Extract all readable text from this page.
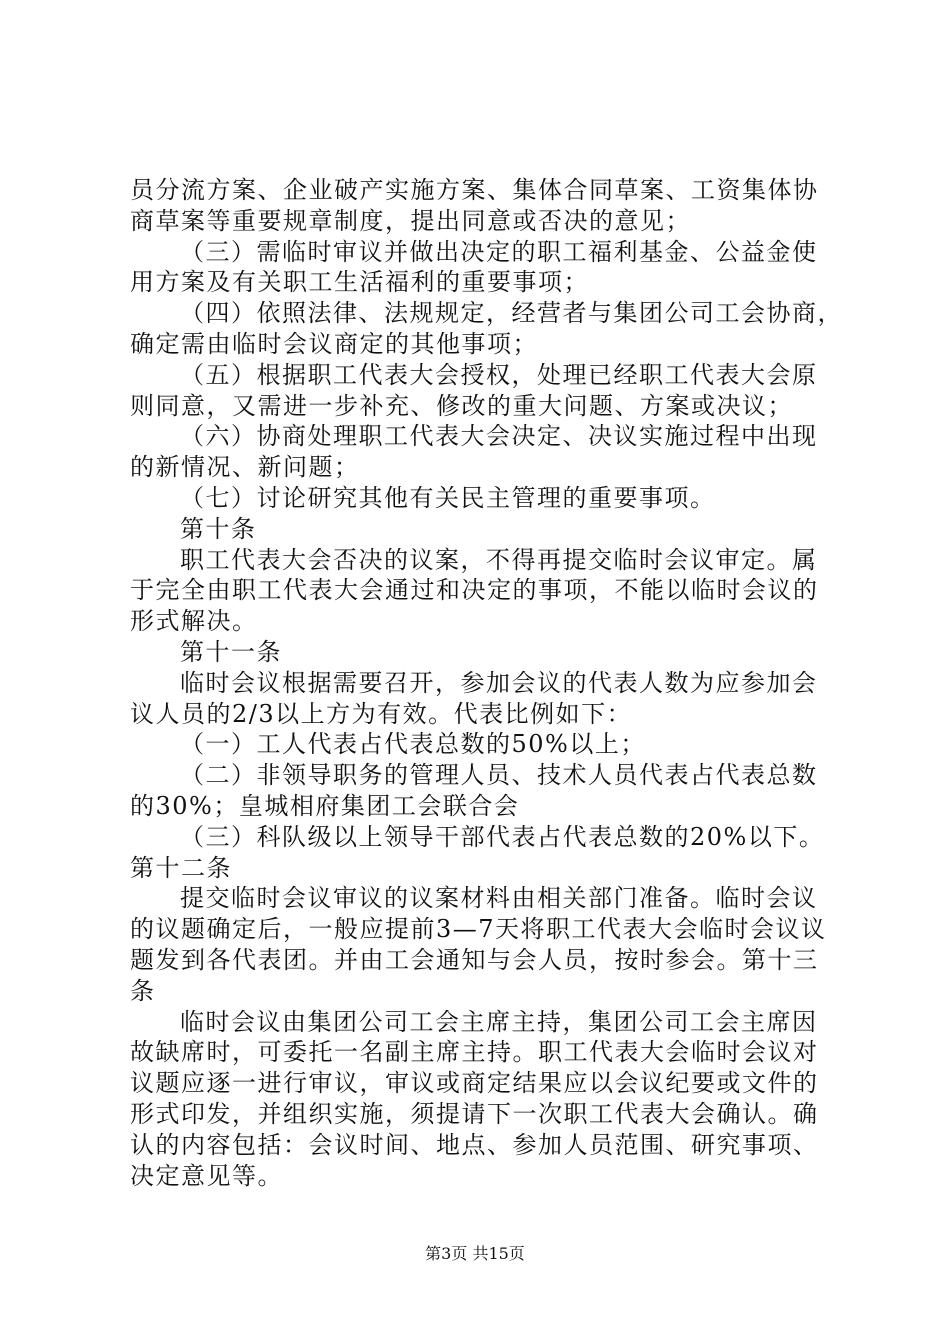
员分流方案、企业破产实施方案、集体合同草案、工资集体协
商草案等重要规章制度，提出同意或否决的意见；
（三）需临时审议并做出决定的职工福利基金、公益金使
用方案及有关职工生活福利的重要事项；
（四）依照法律、法规规定，经营者与集团公司工会协商，
确定需由临时会议商定的其他事项；
（五）根据职工代表大会授权，处理已经职工代表大会原
则同意，又需进一步补充、修改的重大问题、方案或决议；
（六）协商处理职工代表大会决定、决议实施过程中出现
的新情况、新问题；
（七）讨论研究其他有关民主管理的重要事项。
第十条
职工代表大会否决的议案，不得再提交临时会议审定。属
于完全由职工代表大会通过和决定的事项，不能以临时会议的
形式解决。
第十一条
临时会议根据需要召开，参加会议的代表人数为应参加会
议人员的2/3以上方为有效。代表比例如下：
（一）工人代表占代表总数的50%以上；
（二）非领导职务的管理人员、技术人员代表占代表总数
的30%；皇城相府集团工会联合会
（三）科队级以上领导干部代表占代表总数的20%以下。
第十二条
提交临时会议审议的议案材料由相关部门准备。临时会议
的议题确定后，一般应提前3—7天将职工代表大会临时会议议
题发到各代表团。并由工会通知与会人员，按时参会。第十三
条
临时会议由集团公司工会主席主持，集团公司工会主席因
故缺席时，可委托一名副主席主持。职工代表大会临时会议对
议题应逐一进行审议，审议或商定结果应以会议纪要或文件的
形式印发，并组织实施，须提请下一次职工代表大会确认。确
认的内容包括：会议时间、地点、参加人员范围、研究事项、
决定意见等。
第3页 共15页
